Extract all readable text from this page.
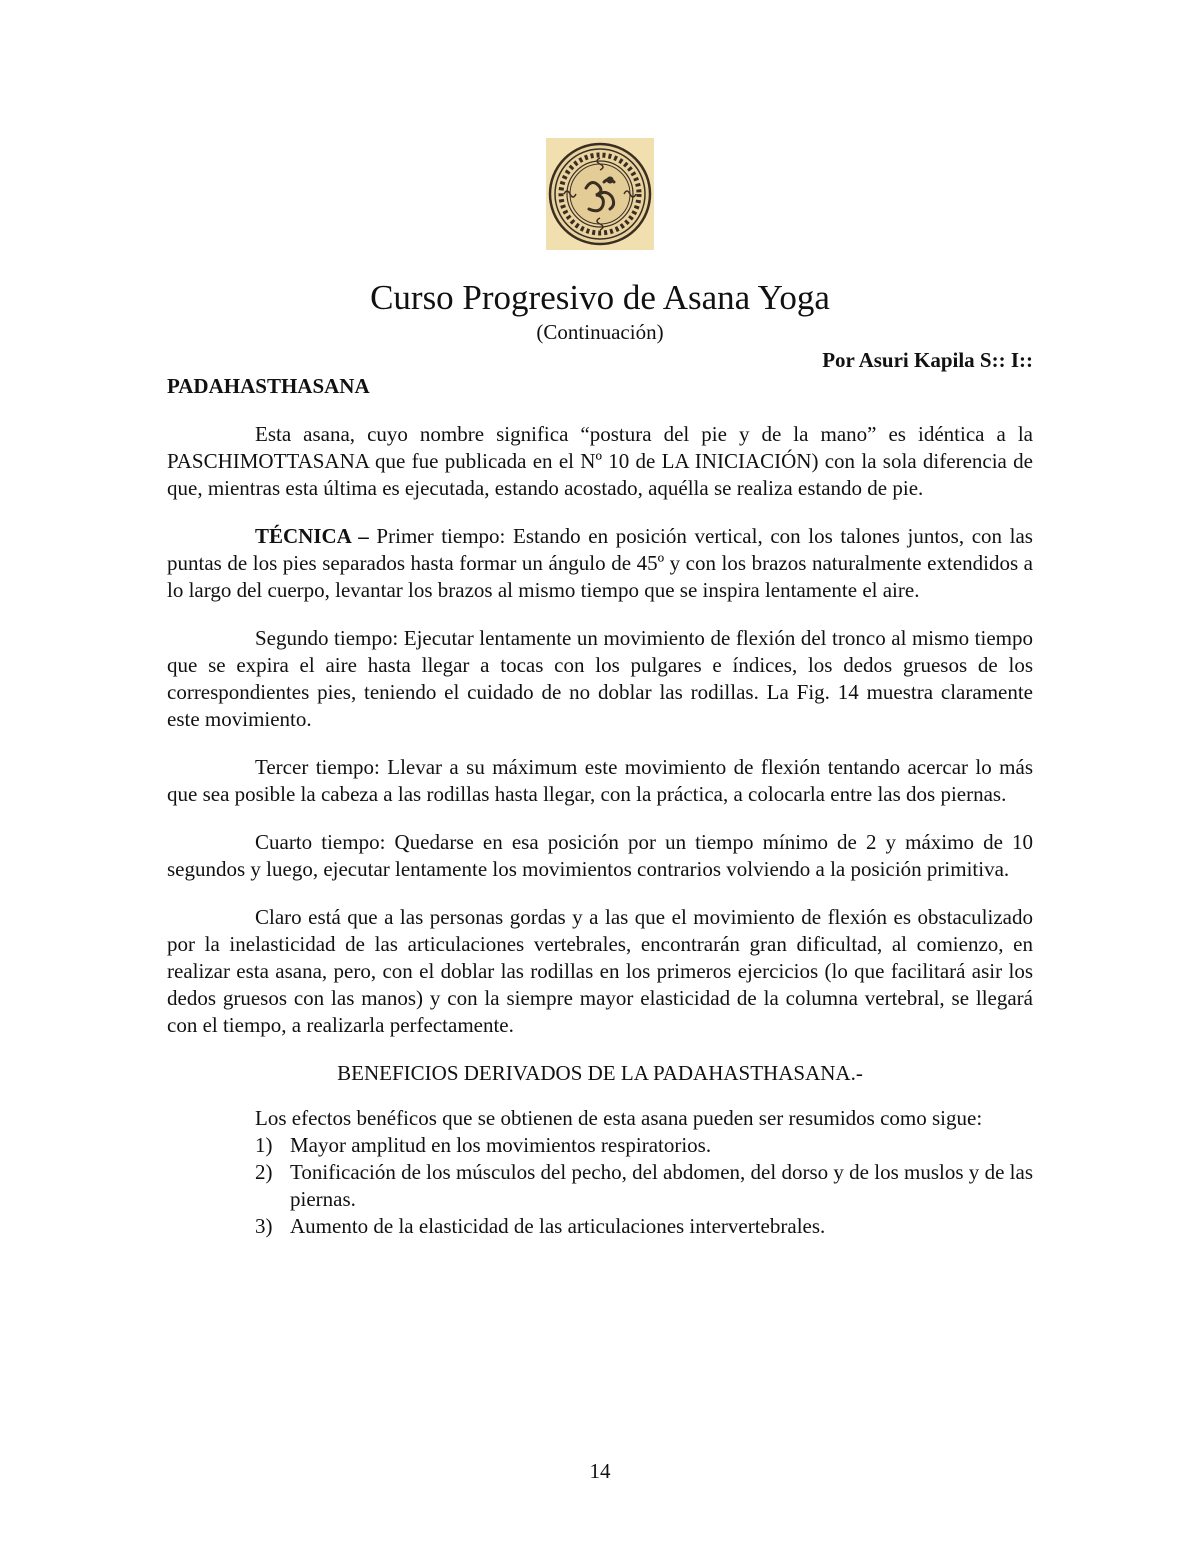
Curso Progresivo de Asana Yoga
(Continuación)
Por Asuri Kapila S:: I::
PADAHASTHASANA

Esta asana, cuyo nombre significa “postura del pie y de la mano” es idéntica a la PASCHIMOTTASANA que fue publicada en el Nº 10 de LA INICIACIÓN) con la sola diferencia de que, mientras esta última es ejecutada, estando acostado, aquélla se realiza estando de pie.

TÉCNICA – Primer tiempo: Estando en posición vertical, con los talones juntos, con las puntas de los pies separados hasta formar un ángulo de 45º y con los brazos naturalmente extendidos a lo largo del cuerpo, levantar los brazos al mismo tiempo que se inspira lentamente el aire.

Segundo tiempo: Ejecutar lentamente un movimiento de flexión del tronco al mismo tiempo que se expira el aire hasta llegar a tocas con los pulgares e índices, los dedos gruesos de los correspondientes pies, teniendo el cuidado de no doblar las rodillas. La Fig. 14 muestra claramente este movimiento.

Tercer tiempo: Llevar a su máximum este movimiento de flexión tentando acercar lo más que sea posible la cabeza a las rodillas hasta llegar, con la práctica, a colocarla entre las dos piernas.

Cuarto tiempo: Quedarse en esa posición por un tiempo mínimo de 2 y máximo de 10 segundos y luego, ejecutar lentamente los movimientos contrarios volviendo a la posición primitiva.

Claro está que a las personas gordas y a las que el movimiento de flexión es obstaculizado por la inelasticidad de las articulaciones vertebrales, encontrarán gran dificultad, al comienzo, en realizar esta asana, pero, con el doblar las rodillas en los primeros ejercicios (lo que facilitará asir los dedos gruesos con las manos) y con la siempre mayor elasticidad de la columna vertebral, se llegará con el tiempo, a realizarla perfectamente.

BENEFICIOS DERIVADOS DE LA PADAHASTHASANA.-
Los efectos benéficos que se obtienen de esta asana pueden ser resumidos como sigue:
1) Mayor amplitud en los movimientos respiratorios.
2) Tonificación de los músculos del pecho, del abdomen, del dorso y de los muslos y de las piernas.
3) Aumento de la elasticidad de las articulaciones intervertebrales.
14
